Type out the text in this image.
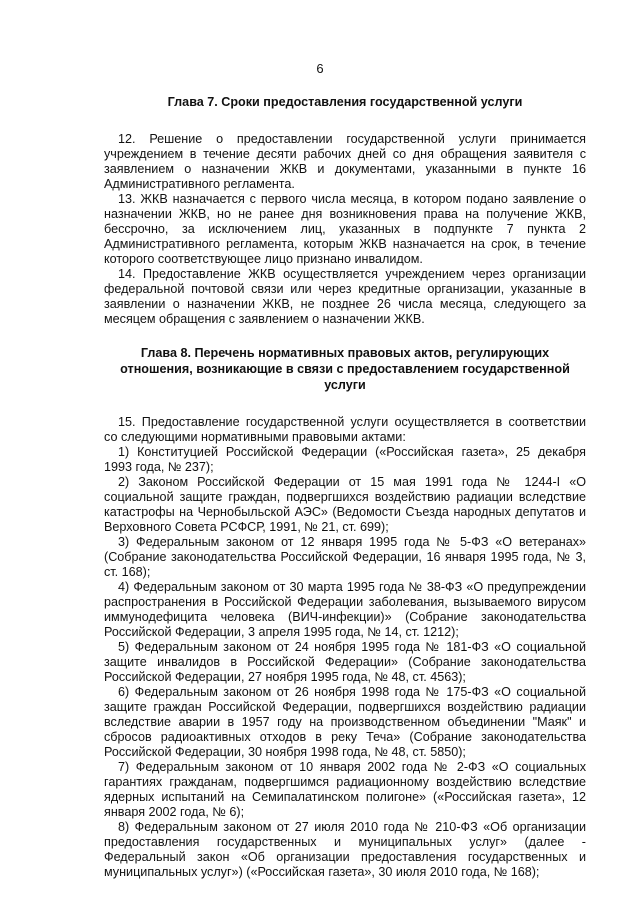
6
Глава 7. Сроки предоставления государственной услуги

12. Решение о предоставлении государственной услуги принимается учреждением в течение десяти рабочих дней со дня обращения заявителя с заявлением о назначении ЖКВ и документами, указанными в пункте 16 Административного регламента.

13. ЖКВ назначается с первого числа месяца, в котором подано заявление о назначении ЖКВ, но не ранее дня возникновения права на получение ЖКВ, бессрочно, за исключением лиц, указанных в подпункте 7 пункта 2 Административного регламента, которым ЖКВ назначается на срок, в течение которого соответствующее лицо признано инвалидом.

14. Предоставление ЖКВ осуществляется учреждением через организации федеральной почтовой связи или через кредитные организации, указанные в заявлении о назначении ЖКВ, не позднее 26 числа месяца, следующего за месяцем обращения с заявлением о назначении ЖКВ.

Глава 8. Перечень нормативных правовых актов, регулирующих
отношения, возникающие в связи с предоставлением государственной услуги

15. Предоставление государственной услуги осуществляется в соответствии со следующими нормативными правовыми актами:

1) Конституцией Российской Федерации («Российская газета», 25 декабря 1993 года, № 237);

2) Законом Российской Федерации от 15 мая 1991 года № 1244-I «О социальной защите граждан, подвергшихся воздействию радиации вследствие катастрофы на Чернобыльской АЭС» (Ведомости Съезда народных депутатов и Верховного Совета РСФСР, 1991, № 21, ст. 699);

3) Федеральным законом от 12 января 1995 года № 5-ФЗ «О ветеранах» (Собрание законодательства Российской Федерации, 16 января 1995 года, № 3, ст. 168);

4) Федеральным законом от 30 марта 1995 года № 38-ФЗ «О предупреждении распространения в Российской Федерации заболевания, вызываемого вирусом иммунодефицита человека (ВИЧ-инфекции)» (Собрание законодательства Российской Федерации, 3 апреля 1995 года, № 14, ст. 1212);

5) Федеральным законом от 24 ноября 1995 года № 181-ФЗ «О социальной защите инвалидов в Российской Федерации» (Собрание законодательства Российской Федерации, 27 ноября 1995 года, № 48, ст. 4563);

6) Федеральным законом от 26 ноября 1998 года № 175-ФЗ «О социальной защите граждан Российской Федерации, подвергшихся воздействию радиации вследствие аварии в 1957 году на производственном объединении "Маяк" и сбросов радиоактивных отходов в реку Теча» (Собрание законодательства Российской Федерации, 30 ноября 1998 года, № 48, ст. 5850);

7) Федеральным законом от 10 января 2002 года № 2-ФЗ «О социальных гарантиях гражданам, подвергшимся радиационному воздействию вследствие ядерных испытаний на Семипалатинском полигоне» («Российская газета», 12 января 2002 года, № 6);

8) Федеральным законом от 27 июля 2010 года № 210-ФЗ «Об организации предоставления государственных и муниципальных услуг» (далее - Федеральный закон «Об организации предоставления государственных и муниципальных услуг») («Российская газета», 30 июля 2010 года, № 168);
